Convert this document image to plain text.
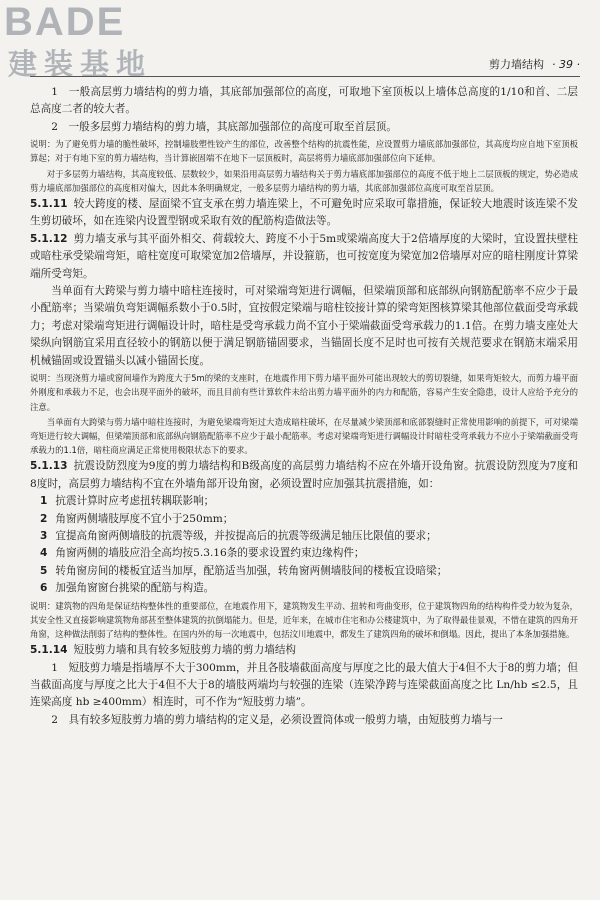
BADE
建装基地	剪力墙结构 · 39 ·

1　一般高层剪力墙结构的剪力墙，其底部加强部位的高度，可取地下室顶板以上墙体总高度的1/10和首、二层总高度二者的较大者。

2　一般多层剪力墙结构的剪力墙，其底部加强部位的高度可取至首层顶。

说明：为了避免剪力墙的脆性破坏，控制墙肢塑性铰产生的部位，改善整个结构的抗震性能，应设置剪力墙底部加强部位，其高度均应自地下室顶板算起；对于有地下室的剪力墙结构，当计算嵌固端不在地下一层顶板时，高层将剪力墙底部加强部位向下延伸。

对于多层剪力墙结构，其高度较低、层数较少，如果沿用高层剪力墙结构关于剪力墙底部加强部位的高度不低于地上二层顶板的规定，势必造成剪力墙底部加强部位的高度相对偏大，因此本条明确规定，一般多层剪力墙结构的剪力墙，其底部加强部位高度可取至首层顶。

5.1.11 较大跨度的楼、屋面梁不宜支承在剪力墙连梁上，不可避免时应采取可靠措施，保证较大地震时该连梁不发生剪切破坏，如在连梁内设置型钢或采取有效的配筋构造做法等。

5.1.12 剪力墙支承与其平面外相交、荷载较大、跨度不小于5m或梁端高度大于2倍墙厚度的大梁时，宜设置扶壁柱或暗柱承受梁端弯矩，暗柱宽度可取梁宽加2倍墙厚，并设箍筋，也可按宽度为梁宽加2倍墙厚对应的暗柱刚度计算梁端所受弯矩。

当单面有大跨梁与剪力墙中暗柱连接时，可对梁端弯矩进行调幅，但梁端顶部和底部纵向钢筋配筋率不应少于最小配筋率；当梁端负弯矩调幅系数小于0.5时，宜按假定梁端与暗柱铰接计算的梁弯矩图核算梁其他部位截面受弯承载力；考虑对梁端弯矩进行调幅设计时，暗柱是受弯承载力尚不宜小于梁端截面受弯承载力的1.1倍。在剪力墙支座处大梁纵向钢筋宜采用直径较小的钢筋以便于满足钢筋锚固要求，当锚固长度不足时也可按有关规范要求在钢筋末端采用机械锚固或设置锚头以减小锚固长度。

说明：当现浇剪力墙或窗间墙作为跨度大于5m的梁的支座时，在地震作用下剪力墙平面外可能出现较大的剪切裂缝，如果弯矩较大，而剪力墙平面外刚度和承载力不足，也会出现平面外的破坏，而且目前有些计算软件未给出剪力墙平面外的内力和配筋，容易产生安全隐患，设计人应给予充分的注意。

当单面有大跨梁与剪力墙中暗柱连接时，为避免梁端弯矩过大造成暗柱破坏，在尽量减少梁顶部和底部裂缝时正常使用影响的前提下，可对梁端弯矩进行较大调幅，但梁端顶部和底部纵向钢筋配筋率不应少于最小配筋率。考虑对梁端弯矩进行调幅设计时暗柱受弯承载力不应小于梁端截面受弯承载力的1.1倍，暗柱商应满足正常使用极限状态下的要求。

5.1.13 抗震设防烈度为9度的剪力墙结构和B级高度的高层剪力墙结构不应在外墙开设角窗。抗震设防烈度为7度和8度时，高层剪力墙结构不宜在外墙角部开设角窗，必须设置时应加强其抗震措施，如：

1 抗震计算时应考虑扭转耦联影响；

2 角窗两侧墙肢厚度不宜小于250mm；

3 宜提高角窗两侧墙肢的抗震等级，并按提高后的抗震等级满足轴压比限值的要求；

4 角窗两侧的墙肢应沿全高均按5.3.16条的要求设置约束边缘构件；

5 转角窗房间的楼板宜适当加厚，配筋适当加强，转角窗两侧墙肢间的楼板宜设暗梁；

6 加强角窗窗台挑梁的配筋与构造。

说明：建筑物的四角是保证结构整体性的重要部位，在地震作用下，建筑物发生平动、扭转和弯曲变形，位于建筑物四角的结构构件受力较为复杂，其安全性又直接影响建筑物角部甚至整体建筑的抗倒塌能力。但是，近年来，在城市住宅和办公楼建筑中，为了取得最佳景观，不惜在建筑的四角开角窗，这种做法削弱了结构的整体性。在国内外的每一次地震中，包括汶川地震中，都发生了建筑四角的破坏和倒塌。因此，提出了本条加强措施。

5.1.14 短肢剪力墙和具有较多短肢剪力墙的剪力墙结构

1　短肢剪力墙是指墙厚不大于300mm，并且各肢墙截面高度与厚度之比的最大值大于4但不大于8的剪力墙；但当截面高度与厚度之比大于4但不大于8的墙肢两端均与较强的连梁（连梁净跨与连梁截面高度之比 Ln/hb ≤2.5，且连梁高度 hb ≥400mm）相连时，可不作为“短肢剪力墙”。

2　具有较多短肢剪力墙的剪力墙结构的定义是，必须设置筒体或一般剪力墙，由短肢剪力墙与一
